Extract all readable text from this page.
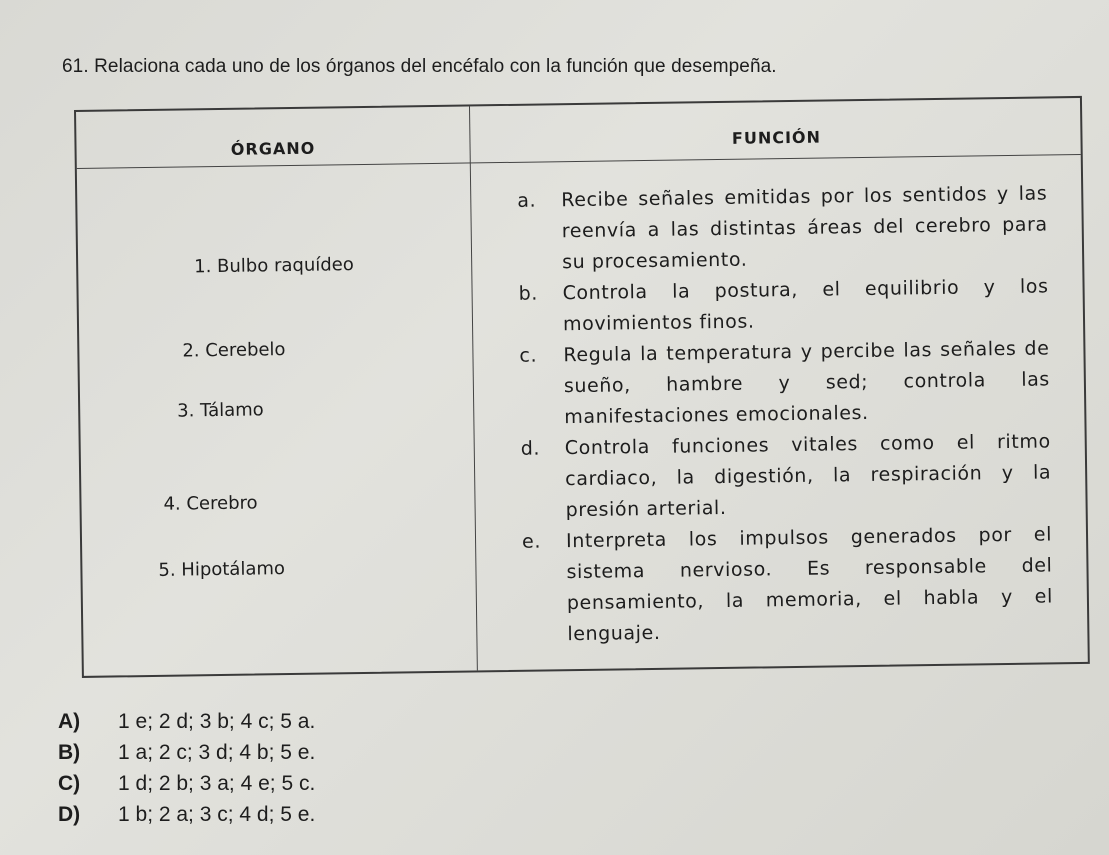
61. Relaciona cada uno de los órganos del encéfalo con la función que desempeña.
ÓRGANO
FUNCIÓN
1. Bulbo raquídeo
2. Cerebelo
3. Tálamo
4. Cerebro
5. Hipotálamo
a. Recibe señales emitidas por los sentidos y las reenvía a las distintas áreas del cerebro para su procesamiento.
b. Controla la postura, el equilibrio y los movimientos finos.
c. Regula la temperatura y percibe las señales de sueño, hambre y sed; controla las manifestaciones emocionales.
d. Controla funciones vitales como el ritmo cardiaco, la digestión, la respiración y la presión arterial.
e. Interpreta los impulsos generados por el sistema nervioso. Es responsable del pensamiento, la memoria, el habla y el lenguaje.
A) 1 e; 2 d; 3 b; 4 c; 5 a.
B) 1 a; 2 c; 3 d; 4 b; 5 e.
C) 1 d; 2 b; 3 a; 4 e; 5 c.
D) 1 b; 2 a; 3 c; 4 d; 5 e.
